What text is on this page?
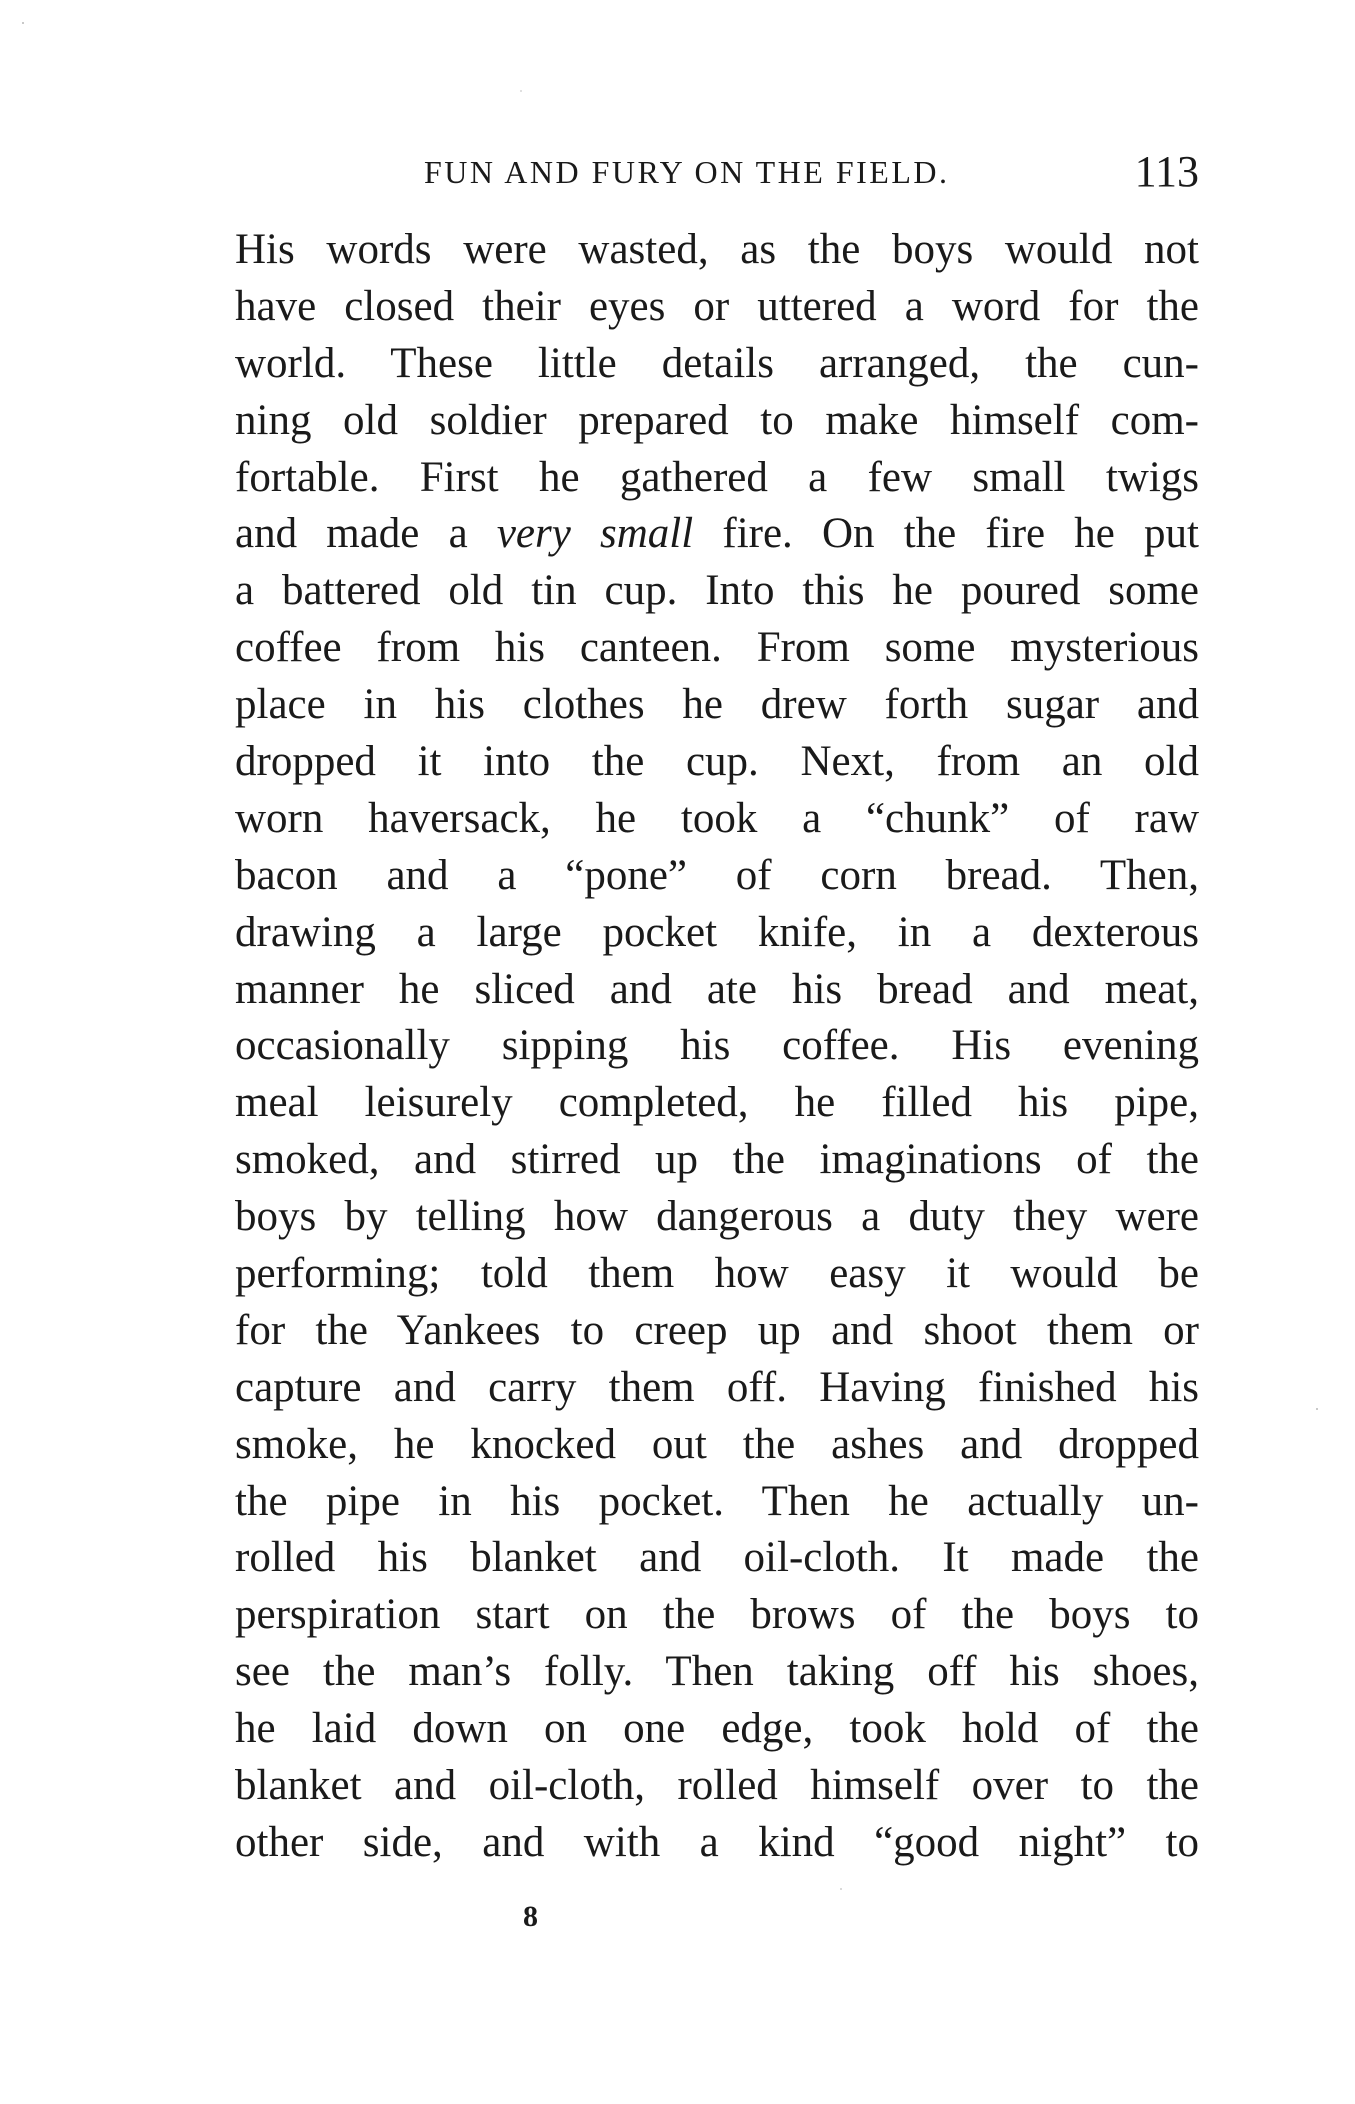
FUN AND FURY ON THE FIELD.	113
His words were wasted, as the boys would not
have closed their eyes or uttered a word for the
world. These little details arranged, the cun-
ning old soldier prepared to make himself com-
fortable. First he gathered a few small twigs
and made a very small fire. On the fire he put
a battered old tin cup. Into this he poured some
coffee from his canteen. From some mysterious
place in his clothes he drew forth sugar and
dropped it into the cup. Next, from an old
worn haversack, he took a “chunk” of raw
bacon and a “pone” of corn bread. Then,
drawing a large pocket knife, in a dexterous
manner he sliced and ate his bread and meat,
occasionally sipping his coffee. His evening
meal leisurely completed, he filled his pipe,
smoked, and stirred up the imaginations of the
boys by telling how dangerous a duty they were
performing; told them how easy it would be
for the Yankees to creep up and shoot them or
capture and carry them off. Having finished his
smoke, he knocked out the ashes and dropped
the pipe in his pocket. Then he actually un-
rolled his blanket and oil-cloth. It made the
perspiration start on the brows of the boys to
see the man’s folly. Then taking off his shoes,
he laid down on one edge, took hold of the
blanket and oil-cloth, rolled himself over to the
other side, and with a kind “good night” to
8
